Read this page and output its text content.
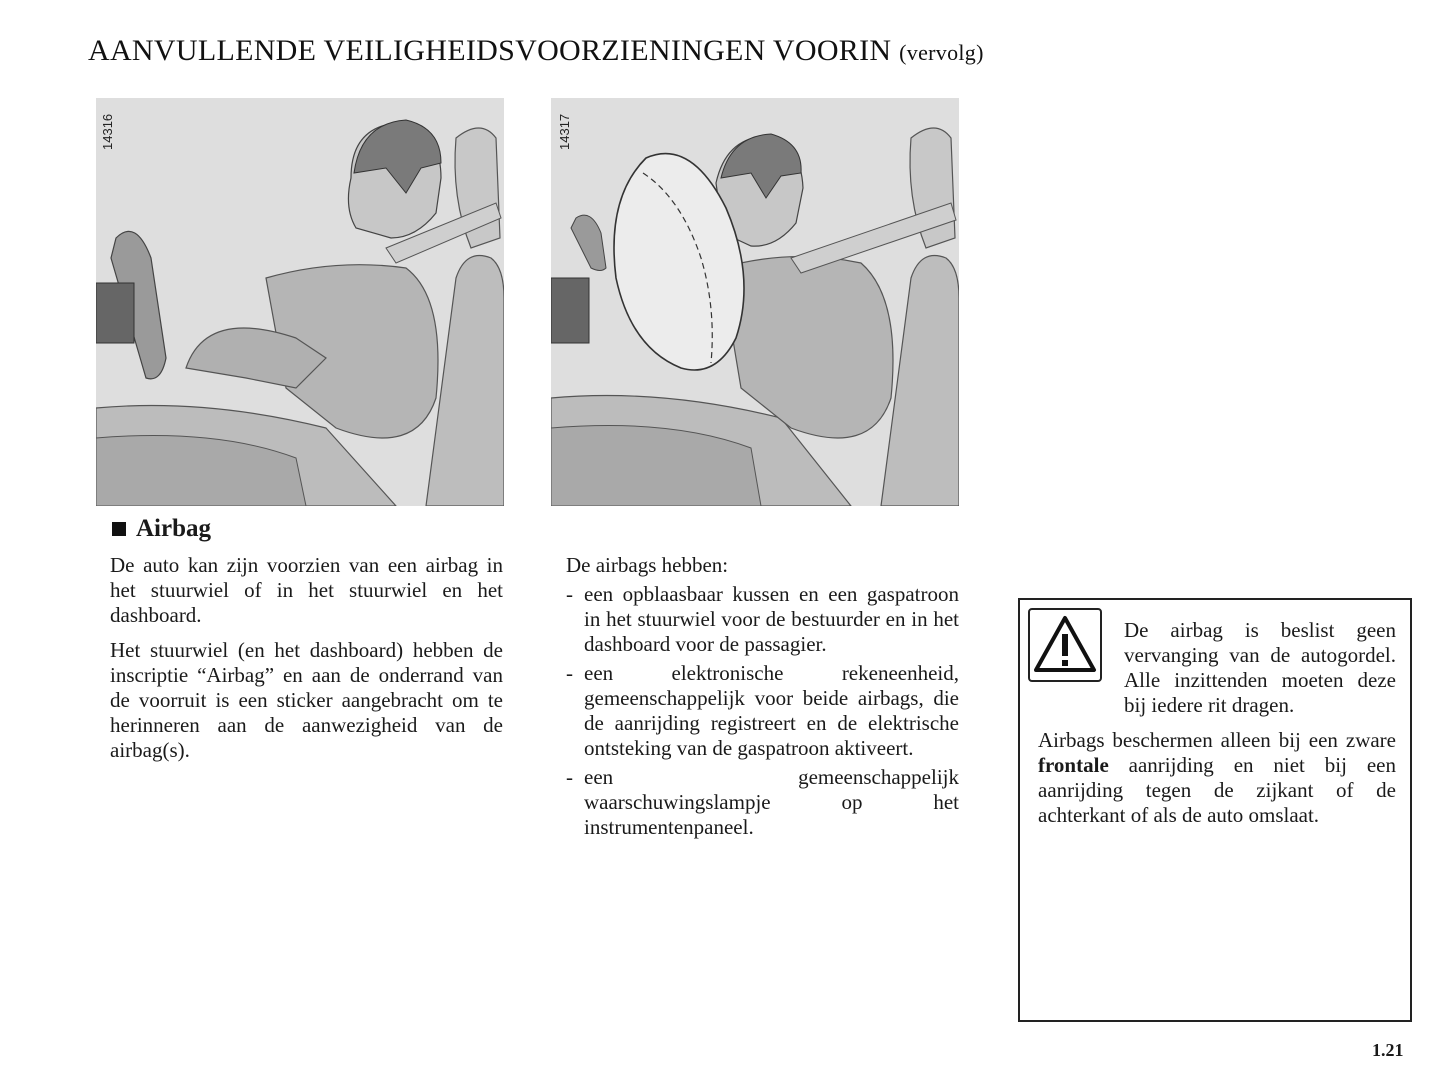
AANVULLENDE VEILIGHEIDSVOORZIENINGEN VOORIN (vervolg)
14316	14317
Airbag

De auto kan zijn voorzien van een airbag in het stuurwiel of in het stuurwiel en het dashboard.

Het stuurwiel (en het dashboard) hebben de inscriptie “Airbag” en aan de onderrand van de voorruit is een sticker aangebracht om te herinneren aan de aanwezigheid van de airbag(s).

De airbags hebben:

- een opblaasbaar kussen en een gaspatroon in het stuurwiel voor de bestuurder en in het dashboard voor de passagier.
- een elektronische rekeneenheid, gemeenschappelijk voor beide airbags, die de aanrijding registreert en de elektrische ontsteking van de gaspatroon aktiveert.
- een gemeenschappelijk waarschuwingslampje op het instrumentenpaneel.

De airbag is beslist geen vervanging van de autogordel. Alle inzittenden moeten deze bij iedere rit dragen.

Airbags beschermen alleen bij een zware frontale aanrijding en niet bij een aanrijding tegen de zijkant of de achterkant of als de auto omslaat.

1.21
